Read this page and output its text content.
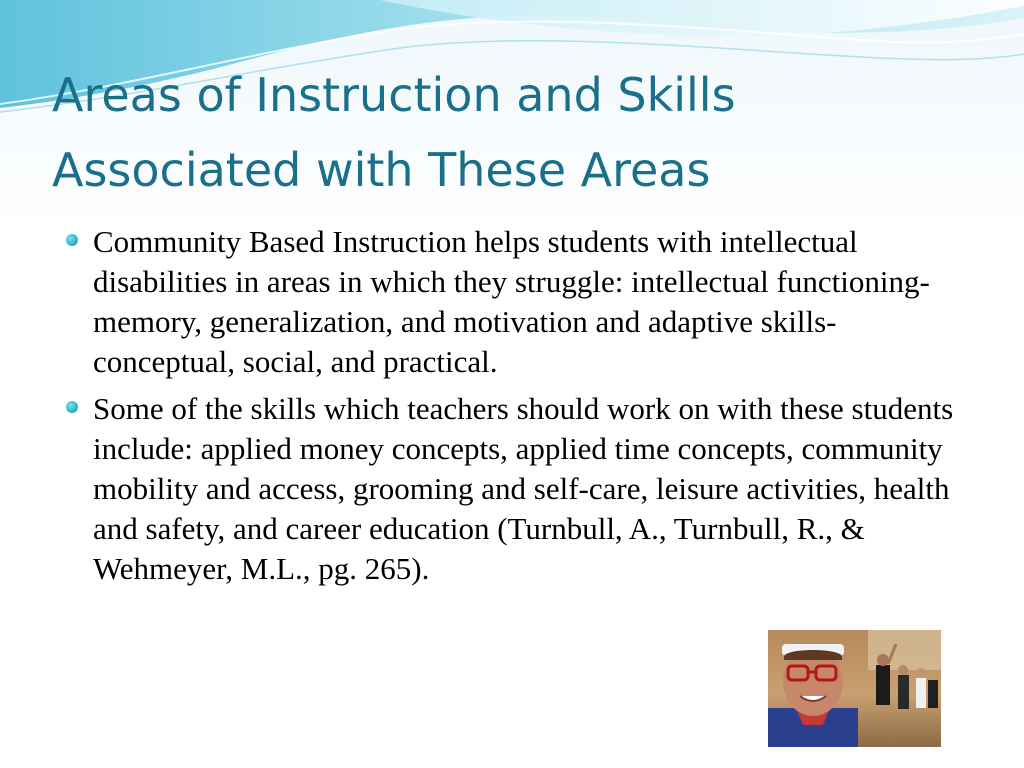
Areas of Instruction and Skills
Associated with These Areas
Community Based Instruction helps students with intellectual disabilities in areas in which they struggle: intellectual functioning- memory, generalization, and motivation and adaptive skills- conceptual, social, and practical.
Some of the skills which teachers should work on with these students include: applied money concepts, applied time concepts, community mobility and access, grooming and self-care, leisure activities, health and safety, and career education (Turnbull, A., Turnbull, R., & Wehmeyer, M.L., pg. 265).
